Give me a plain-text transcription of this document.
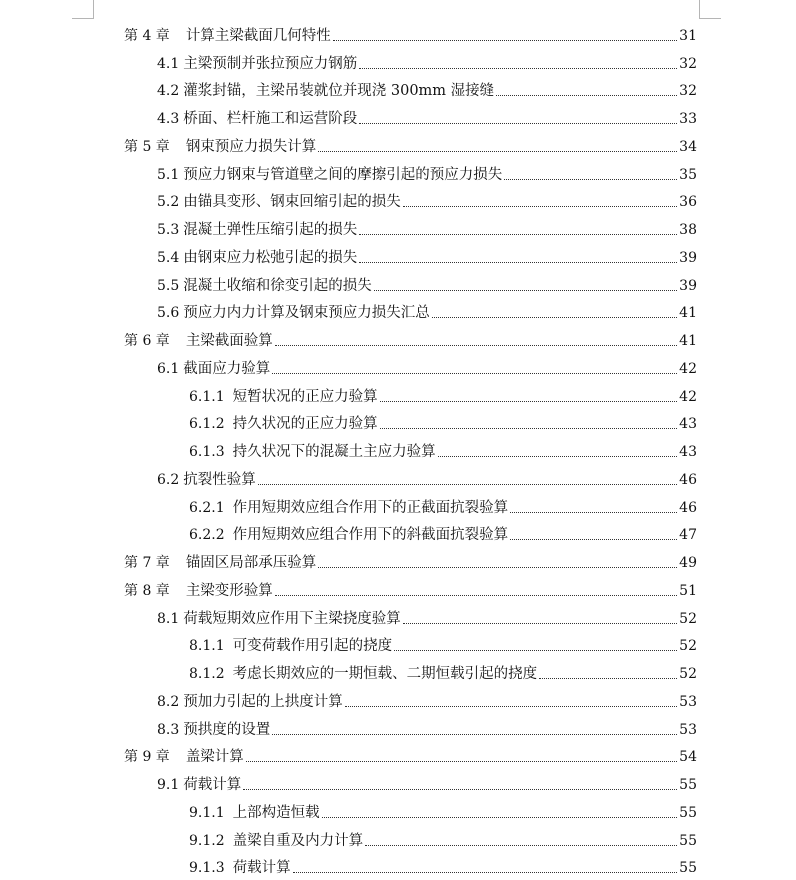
第 4 章 计算主梁截面几何特性	31
4.1 主梁预制并张拉预应力钢筋	32
4.2 灌浆封锚，主梁吊装就位并现浇 300mm 湿接缝	32
4.3 桥面、栏杆施工和运营阶段	33
第 5 章 钢束预应力损失计算	34
5.1 预应力钢束与管道壁之间的摩擦引起的预应力损失	35
5.2 由锚具变形、钢束回缩引起的损失	36
5.3 混凝土弹性压缩引起的损失	38
5.4 由钢束应力松弛引起的损失	39
5.5 混凝土收缩和徐变引起的损失	39
5.6 预应力内力计算及钢束预应力损失汇总	41
第 6 章 主梁截面验算	41
6.1 截面应力验算	42
6.1.1 短暂状况的正应力验算	42
6.1.2 持久状况的正应力验算	43
6.1.3 持久状况下的混凝土主应力验算	43
6.2 抗裂性验算	46
6.2.1 作用短期效应组合作用下的正截面抗裂验算	46
6.2.2 作用短期效应组合作用下的斜截面抗裂验算	47
第 7 章 锚固区局部承压验算	49
第 8 章 主梁变形验算	51
8.1 荷载短期效应作用下主梁挠度验算	52
8.1.1 可变荷载作用引起的挠度	52
8.1.2 考虑长期效应的一期恒载、二期恒载引起的挠度	52
8.2 预加力引起的上拱度计算	53
8.3 预拱度的设置	53
第 9 章 盖梁计算	54
9.1 荷载计算	55
9.1.1 上部构造恒载	55
9.1.2 盖梁自重及内力计算	55
9.1.3 荷载计算	55
